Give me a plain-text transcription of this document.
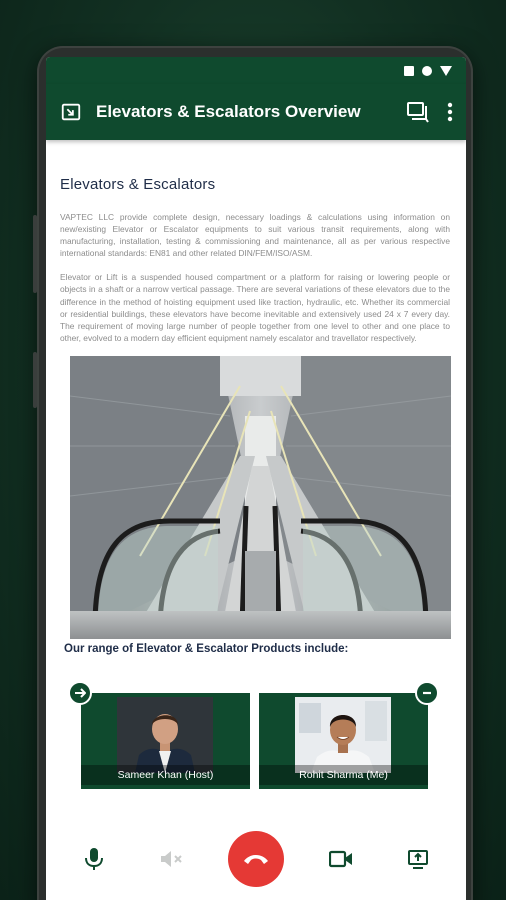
Elevators & Escalators Overview
Elevators & Escalators

VAPTEC LLC provide complete design, necessary loadings & calculations using information on new/existing Elevator or Escalator equipments to suit various transit requirements, along with manufacturing, installation, testing & commissioning and maintenance, all as per various respective international standards: EN81 and other related DIN/FEM/ISO/ASM.

Elevator or Lift is a suspended housed compartment or a platform for raising or lowering people or objects in a shaft or a narrow vertical passage. There are several variations of these elevators due to the difference in the method of hoisting equipment used like traction, hydraulic, etc. Whether its commercial or residential buildings, these elevators have become inevitable and extensively used 24 x 7 every day. The requirement of moving large number of people together from one level to other and one place to other, evolved to a modern day efficient equipment namely escalator and travellator respectively.

Our range of Elevator & Escalator Products include:
Sameer Khan (Host)	Rohit Sharma (Me)
